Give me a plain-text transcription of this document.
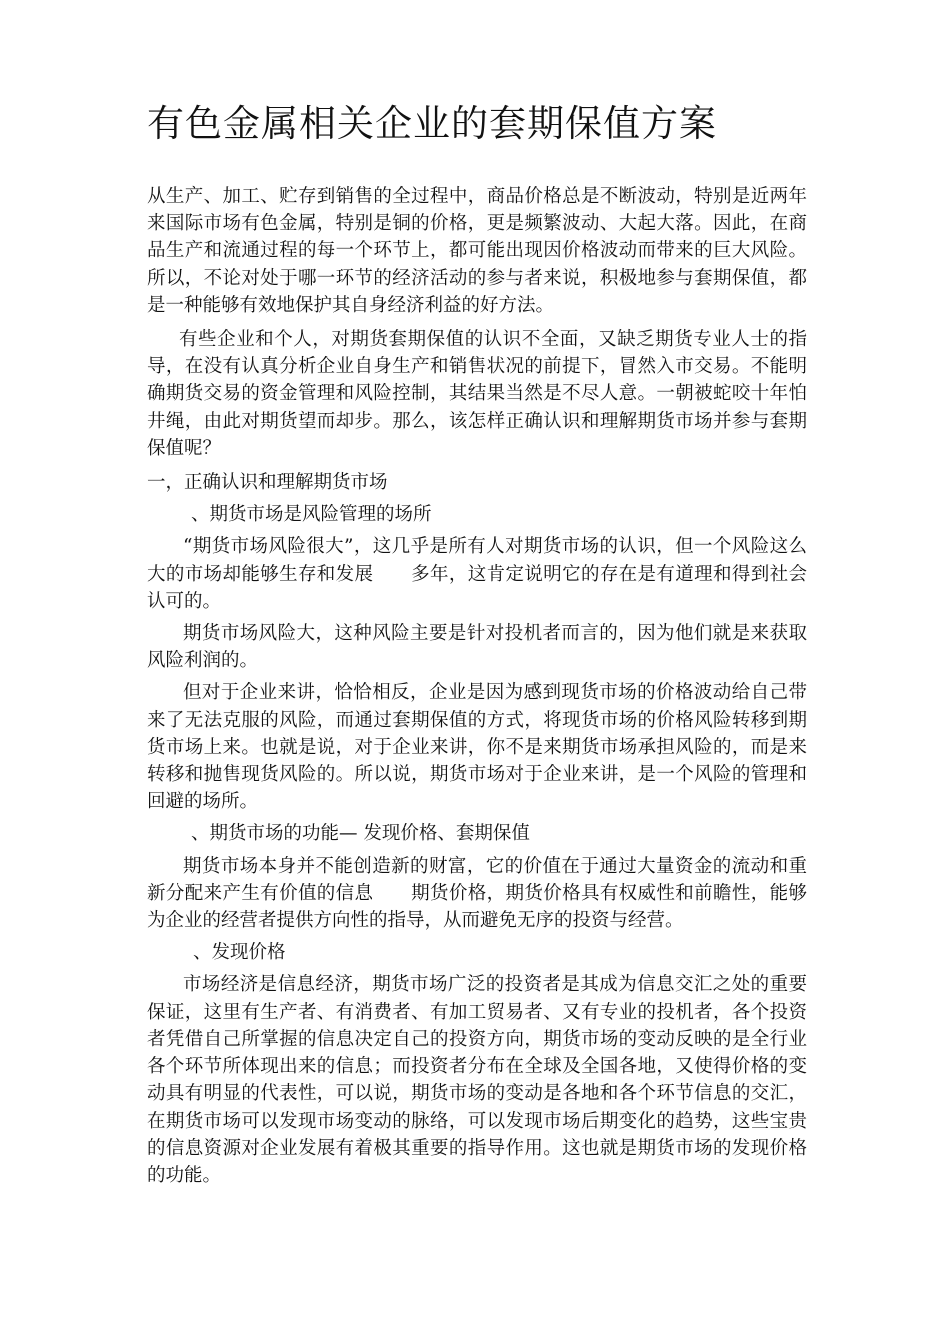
有色金属相关企业的套期保值方案

从生产、加工、贮存到销售的全过程中，商品价格总是不断波动，特别是近两年来国际市场有色金属，特别是铜的价格，更是频繁波动、大起大落。因此，在商品生产和流通过程的每一个环节上，都可能出现因价格波动而带来的巨大风险。所以，不论对处于哪一环节的经济活动的参与者来说，积极地参与套期保值，都是一种能够有效地保护其自身经济利益的好方法。

有些企业和个人，对期货套期保值的认识不全面，又缺乏期货专业人士的指导，在没有认真分析企业自身生产和销售状况的前提下，冒然入市交易。不能明确期货交易的资金管理和风险控制，其结果当然是不尽人意。一朝被蛇咬十年怕井绳，由此对期货望而却步。那么，该怎样正确认识和理解期货市场并参与套期保值呢？

一，正确认识和理解期货市场

、期货市场是风险管理的场所

“期货市场风险很大”，这几乎是所有人对期货市场的认识，但一个风险这么大的市场却能够生存和发展　　多年，这肯定说明它的存在是有道理和得到社会认可的。

期货市场风险大，这种风险主要是针对投机者而言的，因为他们就是来获取风险利润的。

但对于企业来讲，恰恰相反，企业是因为感到现货市场的价格波动给自己带来了无法克服的风险，而通过套期保值的方式，将现货市场的价格风险转移到期货市场上来。也就是说，对于企业来讲，你不是来期货市场承担风险的，而是来转移和抛售现货风险的。所以说，期货市场对于企业来讲，是一个风险的管理和回避的场所。

、期货市场的功能— 发现价格、套期保值

期货市场本身并不能创造新的财富，它的价值在于通过大量资金的流动和重新分配来产生有价值的信息　　期货价格，期货价格具有权威性和前瞻性，能够为企业的经营者提供方向性的指导，从而避免无序的投资与经营。

、发现价格

市场经济是信息经济，期货市场广泛的投资者是其成为信息交汇之处的重要保证，这里有生产者、有消费者、有加工贸易者、又有专业的投机者，各个投资者凭借自己所掌握的信息决定自己的投资方向，期货市场的变动反映的是全行业各个环节所体现出来的信息；而投资者分布在全球及全国各地，又使得价格的变动具有明显的代表性，可以说，期货市场的变动是各地和各个环节信息的交汇，在期货市场可以发现市场变动的脉络，可以发现市场后期变化的趋势，这些宝贵的信息资源对企业发展有着极其重要的指导作用。这也就是期货市场的发现价格的功能。
